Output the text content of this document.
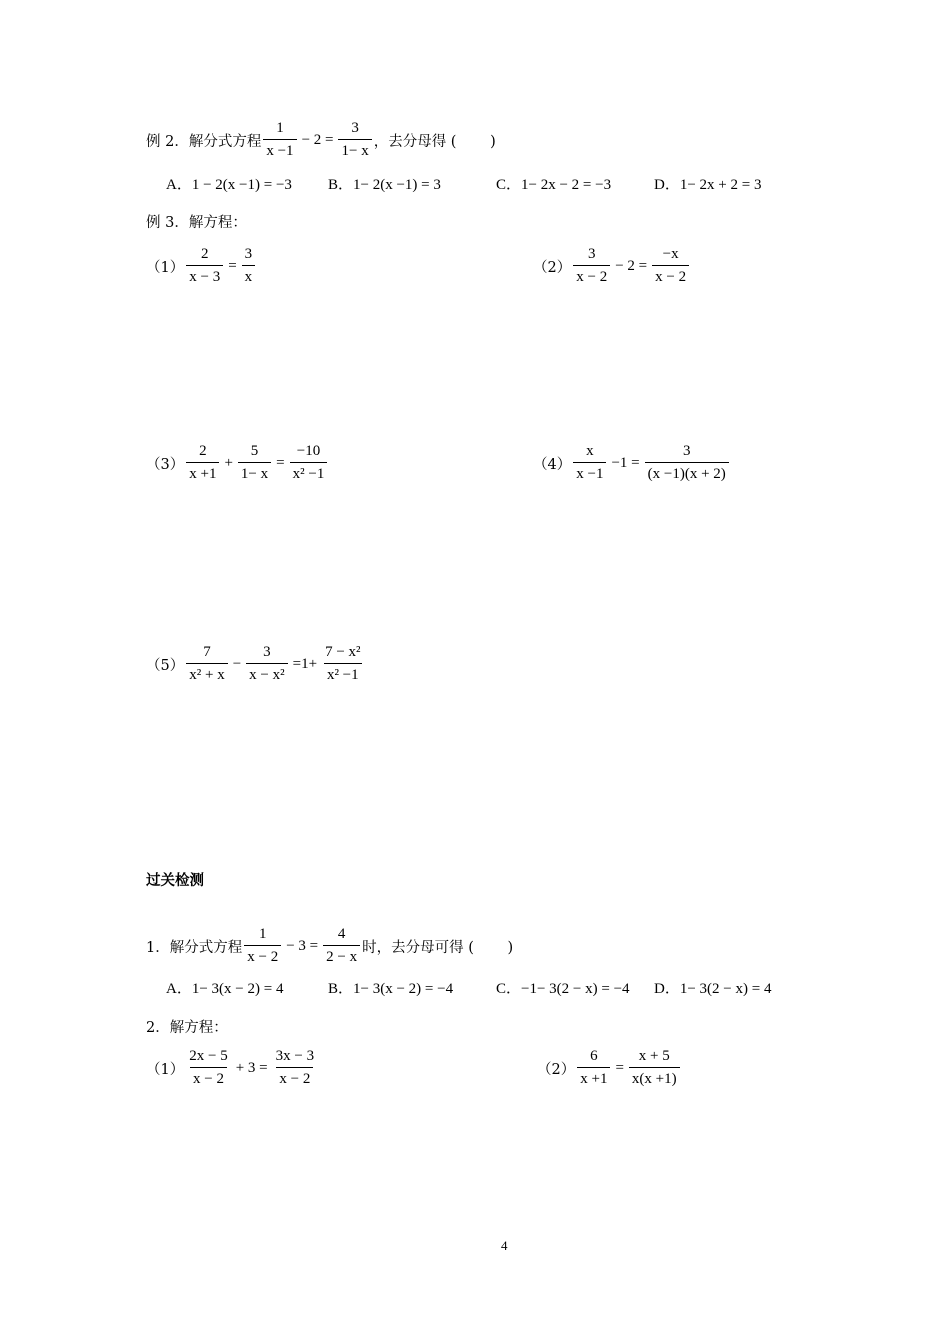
例 2．解分式方程 $\frac{1}{x -1} - 2 = \frac{3}{1- x}$ ，去分母得 (　　 )
A．1 − 2(x −1) = −3 B．1− 2(x −1) = 3	C．1− 2x − 2 = −3	D．1− 2x + 2 = 3
例 3．解方程：
$(1) \frac{2}{x - 3} = \frac{3}{x}$	$(2) \frac{3}{x - 2} - 2 = \frac{-x}{x - 2}$
$(3) \frac{2}{x +1} + \frac{5}{1- x} = \frac{-10}{\text{x² −1}}$	$(4) \frac{x}{x -1} -1 = \frac{3}{(x -1)(x + 2)}$
$(5) \frac{7}{\text{x² + x}} - \frac{3}{\text{x − x²}} =1+ \frac{\text{7 − x²}}{\text{x² −1}}$
过关检测
1．解分式方程 $\frac{1}{x - 2} - 3 = \frac{4}{2 - x}$ 时，去分母可得 (　　 )
A．1− 3(x − 2) = 4	B．1− 3(x − 2) = −4	C．−1− 3(2 − x) = −4 D．1− 3(2 − x) = 4
2．解方程：
$(1) \frac{2x - 5}{x - 2} + 3 = \frac{3x - 3}{x - 2}$	$(2) \frac{6}{x +1} = \frac{x + 5}{x(x +1)}$
4
